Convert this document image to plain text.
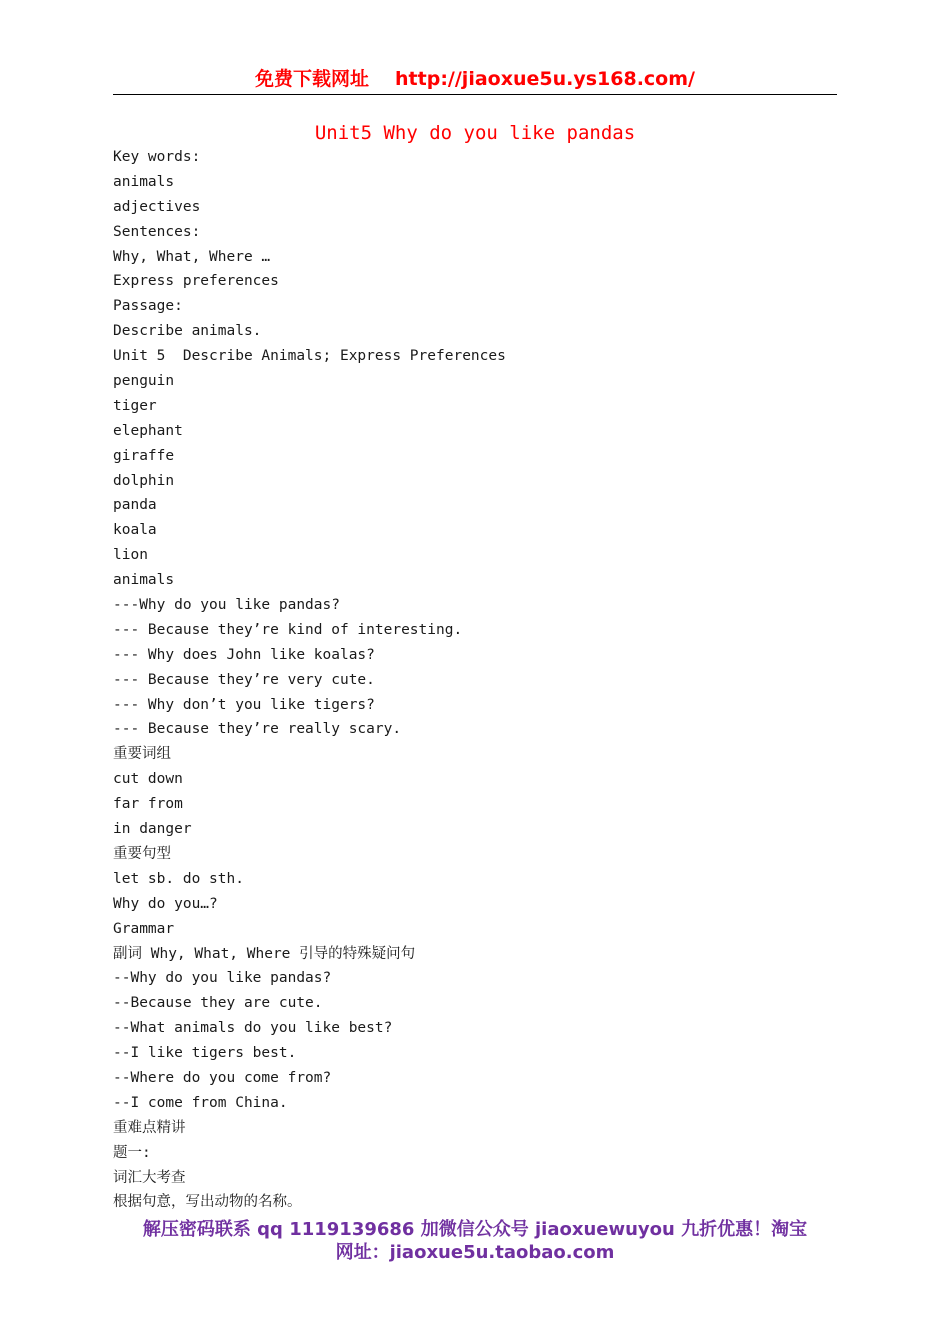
免费下载网址 http://jiaoxue5u.ys168.com/
Unit5 Why do you like pandas
Key words:
animals
adjectives
Sentences:
Why, What, Where …
Express preferences
Passage:
Describe animals.
Unit 5  Describe Animals; Express Preferences
penguin
tiger
elephant
giraffe
dolphin
panda
koala
lion
animals
---Why do you like pandas?
--- Because they’re kind of interesting.
--- Why does John like koalas?
--- Because they’re very cute.
--- Why don’t you like tigers?
--- Because they’re really scary.
重要词组
cut down
far from
in danger
重要句型
let sb. do sth.
Why do you…?
Grammar
副词 Why, What, Where 引导的特殊疑问句
--Why do you like pandas?
--Because they are cute.
--What animals do you like best?
--I like tigers best.
--Where do you come from?
--I come from China.
重难点精讲
题一:
词汇大考查
根据句意，写出动物的名称。
解压密码联系 qq 1119139686 加微信公众号 jiaoxuewuyou 九折优惠！淘宝
网址：jiaoxue5u.taobao.com
